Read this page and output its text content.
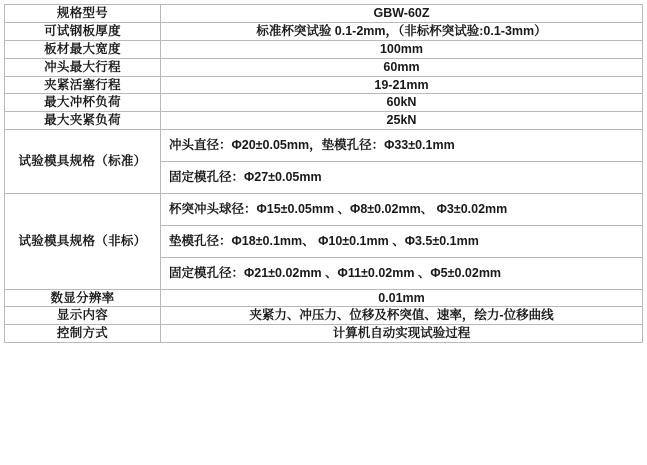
规格型号	GBW-60Z
可试钢板厚度	标准杯突试验 0.1-2mm，（非标杯突试验:0.1-3mm）
板材最大宽度	100mm
冲头最大行程	60mm
夹紧活塞行程	19-21mm
最大冲杯负荷	60kN
最大夹紧负荷	25kN
试验模具规格（标准）	冲头直径：Φ20±0.05mm，垫模孔径：Φ33±0.1mm
固定模孔径：Φ27±0.05mm

试验模具规格（非标）	杯突冲头球径：Φ15±0.05mm 、Φ8±0.02mm、 Φ3±0.02mm
垫模孔径：Φ18±0.1mm、 Φ10±0.1mm 、Φ3.5±0.1mm
固定模孔径：Φ21±0.02mm 、Φ11±0.02mm 、Φ5±0.02mm

数显分辨率	0.01mm
显示内容	夹紧力、冲压力、位移及杯突值、速率，绘力-位移曲线
控制方式	计算机自动实现试验过程
